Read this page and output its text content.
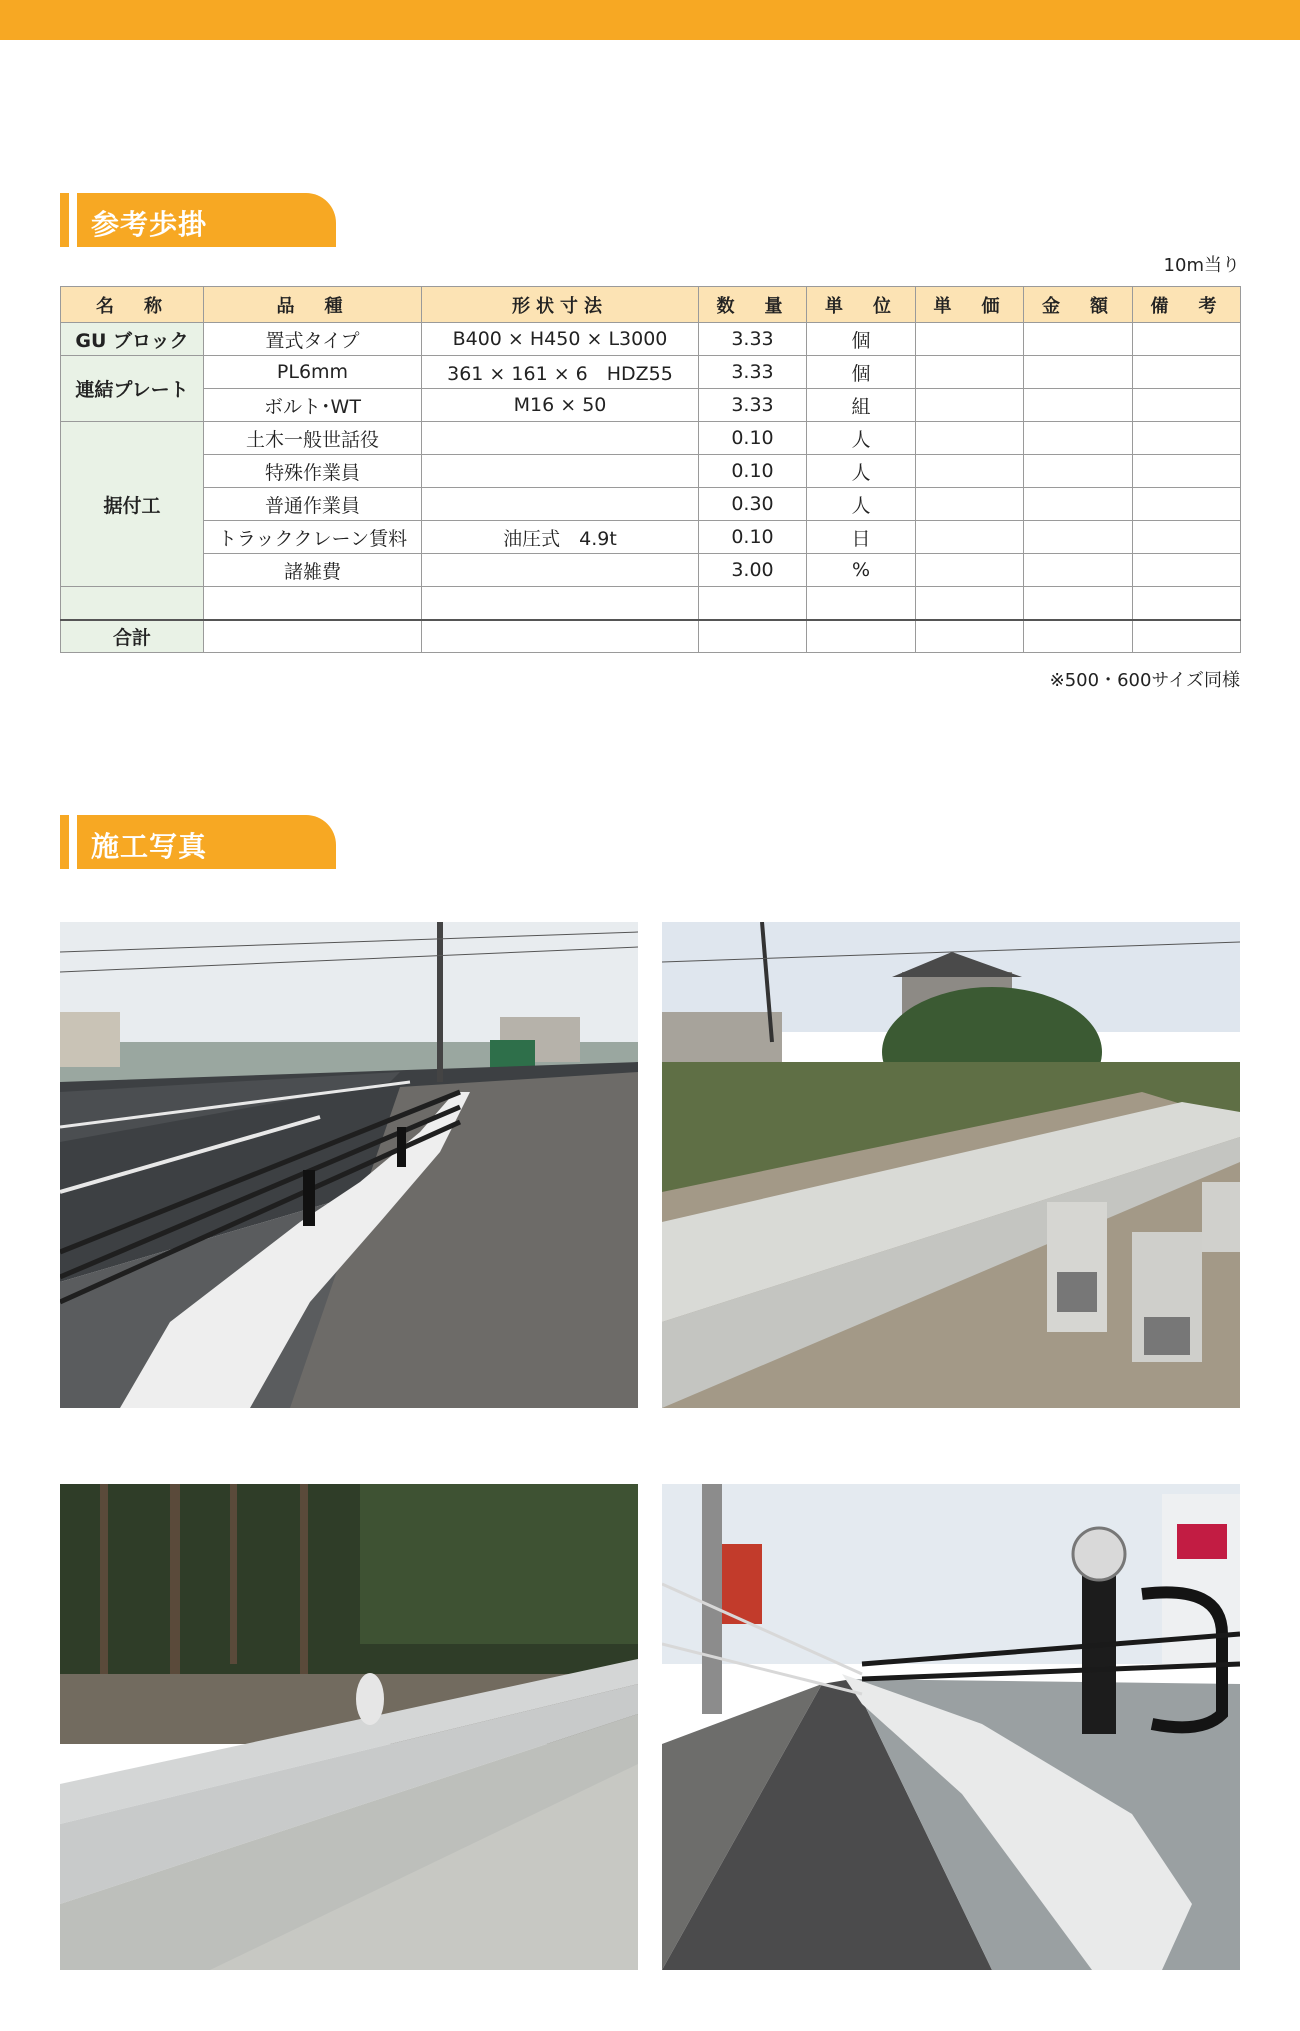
参考歩掛
10m当り
名　称	品　種	形状寸法	数　量	単　位	単　価	金　額	備　考
GU ブロック	置式タイプ	B400 × H450 × L3000	3.33	個			
連結プレート	PL6mm	361 × 161 × 6　HDZ55	3.33	個			
	ボルト･WT	M16 × 50	3.33	組			
据付工	土木一般世話役		0.10	人			
	特殊作業員		0.10	人			
	普通作業員		0.30	人			
	トラッククレーン賃料	油圧式　4.9t	0.10	日			
	諸雑費		3.00	%			

合計							
※500・600サイズ同様
施工写真
